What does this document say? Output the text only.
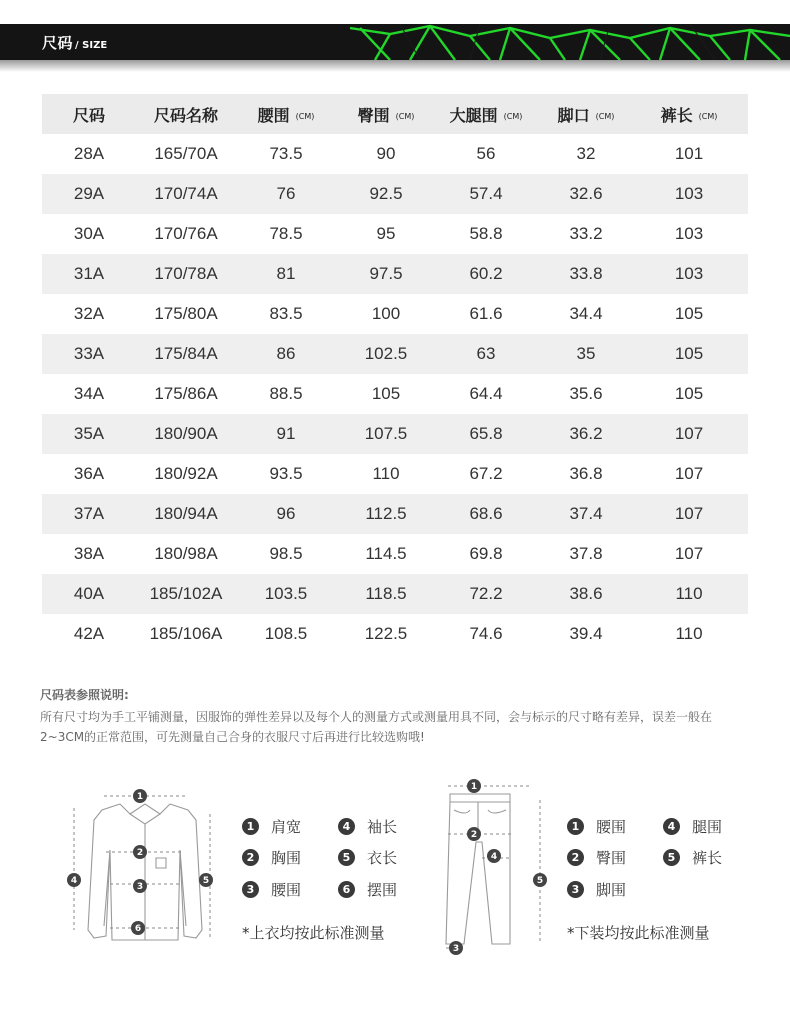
尺码 / SIZE
尺码	尺码名称	腰围 (CM)	臀围 (CM)	大腿围 (CM)	脚口 (CM)	裤长 (CM)
28A	165/70A	73.5	90	56	32	101
29A	170/74A	76	92.5	57.4	32.6	103
30A	170/76A	78.5	95	58.8	33.2	103
31A	170/78A	81	97.5	60.2	33.8	103
32A	175/80A	83.5	100	61.6	34.4	105
33A	175/84A	86	102.5	63	35	105
34A	175/86A	88.5	105	64.4	35.6	105
35A	180/90A	91	107.5	65.8	36.2	107
36A	180/92A	93.5	110	67.2	36.8	107
37A	180/94A	96	112.5	68.6	37.4	107
38A	180/98A	98.5	114.5	69.8	37.8	107
40A	185/102A	103.5	118.5	72.2	38.6	110
42A	185/106A	108.5	122.5	74.6	39.4	110
尺码表参照说明:
所有尺寸均为手工平铺测量，因服饰的弹性差异以及每个人的测量方式或测量用具不同，会与标示的尺寸略有差异，误差一般在2~3CM的正常范围，可先测量自己合身的衣服尺寸后再进行比较选购哦!
1
2
3
4	5
6
1	肩宽	4	袖长
2	胸围	5	衣长
3	腰围	6	摆围
*上衣均按此标准测量
1
2
3
4
5
1	腰围	4	腿围
2	臀围	5	裤长
3	脚围
*下装均按此标准测量
